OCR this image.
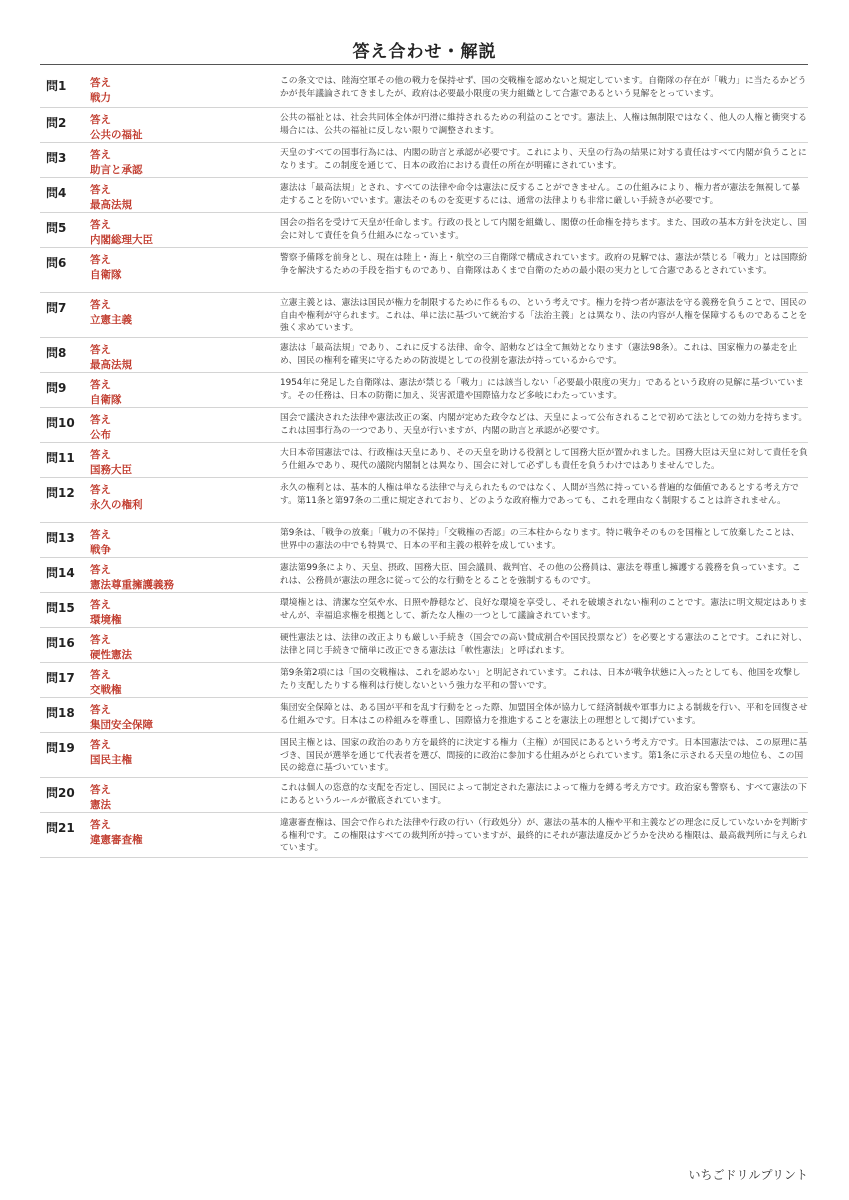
答え合わせ・解説
問1 答え
戦力
この条文では、陸海空軍その他の戦力を保持せず、国の交戦権を認めないと規定しています。自衛隊の存在が「戦力」に当たるかどうかが長年議論されてきましたが、政府は必要最小限度の実力組織として合憲であるという見解をとっています。
問2 答え
公共の福祉
公共の福祉とは、社会共同体全体が円滑に維持されるための利益のことです。憲法上、人権は無制限ではなく、他人の人権と衝突する場合には、公共の福祉に反しない限りで調整されます。
問3 答え
助言と承認
天皇のすべての国事行為には、内閣の助言と承認が必要です。これにより、天皇の行為の結果に対する責任はすべて内閣が負うことになります。この制度を通じて、日本の政治における責任の所在が明確にされています。
問4 答え
最高法規
憲法は「最高法規」とされ、すべての法律や命令は憲法に反することができません。この仕組みにより、権力者が憲法を無視して暴走することを防いでいます。憲法そのものを変更するには、通常の法律よりも非常に厳しい手続きが必要です。
問5 答え
内閣総理大臣
国会の指名を受けて天皇が任命します。行政の長として内閣を組織し、閣僚の任命権を持ちます。また、国政の基本方針を決定し、国会に対して責任を負う仕組みになっています。
問6 答え
自衛隊
警察予備隊を前身とし、現在は陸上・海上・航空の三自衛隊で構成されています。政府の見解では、憲法が禁じる「戦力」とは国際紛争を解決するための手段を指すものであり、自衛隊はあくまで自衛のための最小限の実力として合憲であるとされています。
問7 答え
立憲主義
立憲主義とは、憲法は国民が権力を制限するために作るもの、という考えです。権力を持つ者が憲法を守る義務を負うことで、国民の自由や権利が守られます。これは、単に法に基づいて統治する「法治主義」とは異なり、法の内容が人権を保障するものであることを強く求めています。
問8 答え
最高法規
憲法は「最高法規」であり、これに反する法律、命令、詔勅などは全て無効となります（憲法98条）。これは、国家権力の暴走を止め、国民の権利を確実に守るための防波堤としての役割を憲法が持っているからです。
問9 答え
自衛隊
1954年に発足した自衛隊は、憲法が禁じる「戦力」には該当しない「必要最小限度の実力」であるという政府の見解に基づいています。その任務は、日本の防衛に加え、災害派遣や国際協力など多岐にわたっています。
問10 答え
公布
国会で議決された法律や憲法改正の案、内閣が定めた政令などは、天皇によって公布されることで初めて法としての効力を持ちます。これは国事行為の一つであり、天皇が行いますが、内閣の助言と承認が必要です。
問11 答え
国務大臣
大日本帝国憲法では、行政権は天皇にあり、その天皇を助ける役割として国務大臣が置かれました。国務大臣は天皇に対して責任を負う仕組みであり、現代の議院内閣制とは異なり、国会に対して必ずしも責任を負うわけではありませんでした。
問12 答え
永久の権利
永久の権利とは、基本的人権は単なる法律で与えられたものではなく、人間が当然に持っている普遍的な価値であるとする考え方です。第11条と第97条の二重に規定されており、どのような政府権力であっても、これを理由なく制限することは許されません。
問13 答え
戦争
第9条は、「戦争の放棄」「戦力の不保持」「交戦権の否認」の三本柱からなります。特に戦争そのものを国権として放棄したことは、世界中の憲法の中でも特異で、日本の平和主義の根幹を成しています。
問14 答え
憲法尊重擁護義務
憲法第99条により、天皇、摂政、国務大臣、国会議員、裁判官、その他の公務員は、憲法を尊重し擁護する義務を負っています。これは、公務員が憲法の理念に従って公的な行動をとることを強制するものです。
問15 答え
環境権
環境権とは、清潔な空気や水、日照や静穏など、良好な環境を享受し、それを破壊されない権利のことです。憲法に明文規定はありませんが、幸福追求権を根拠として、新たな人権の一つとして議論されています。
問16 答え
硬性憲法
硬性憲法とは、法律の改正よりも厳しい手続き（国会での高い賛成割合や国民投票など）を必要とする憲法のことです。これに対し、法律と同じ手続きで簡単に改正できる憲法は「軟性憲法」と呼ばれます。
問17 答え
交戦権
第9条第2項には「国の交戦権は、これを認めない」と明記されています。これは、日本が戦争状態に入ったとしても、他国を攻撃したり支配したりする権利は行使しないという強力な平和の誓いです。
問18 答え
集団安全保障
集団安全保障とは、ある国が平和を乱す行動をとった際、加盟国全体が協力して経済制裁や軍事力による制裁を行い、平和を回復させる仕組みです。日本はこの枠組みを尊重し、国際協力を推進することを憲法上の理想として掲げています。
問19 答え
国民主権
国民主権とは、国家の政治のあり方を最終的に決定する権力（主権）が国民にあるという考え方です。日本国憲法では、この原理に基づき、国民が選挙を通じて代表者を選び、間接的に政治に参加する仕組みがとられています。第1条に示される天皇の地位も、この国民の総意に基づいています。
問20 答え
憲法
これは個人の恣意的な支配を否定し、国民によって制定された憲法によって権力を縛る考え方です。政治家も警察も、すべて憲法の下にあるというルールが徹底されています。
問21 答え
違憲審査権
違憲審査権は、国会で作られた法律や行政の行い（行政処分）が、憲法の基本的人権や平和主義などの理念に反していないかを判断する権利です。この権限はすべての裁判所が持っていますが、最終的にそれが憲法違反かどうかを決める権限は、最高裁判所に与えられています。
いちごドリルプリント
